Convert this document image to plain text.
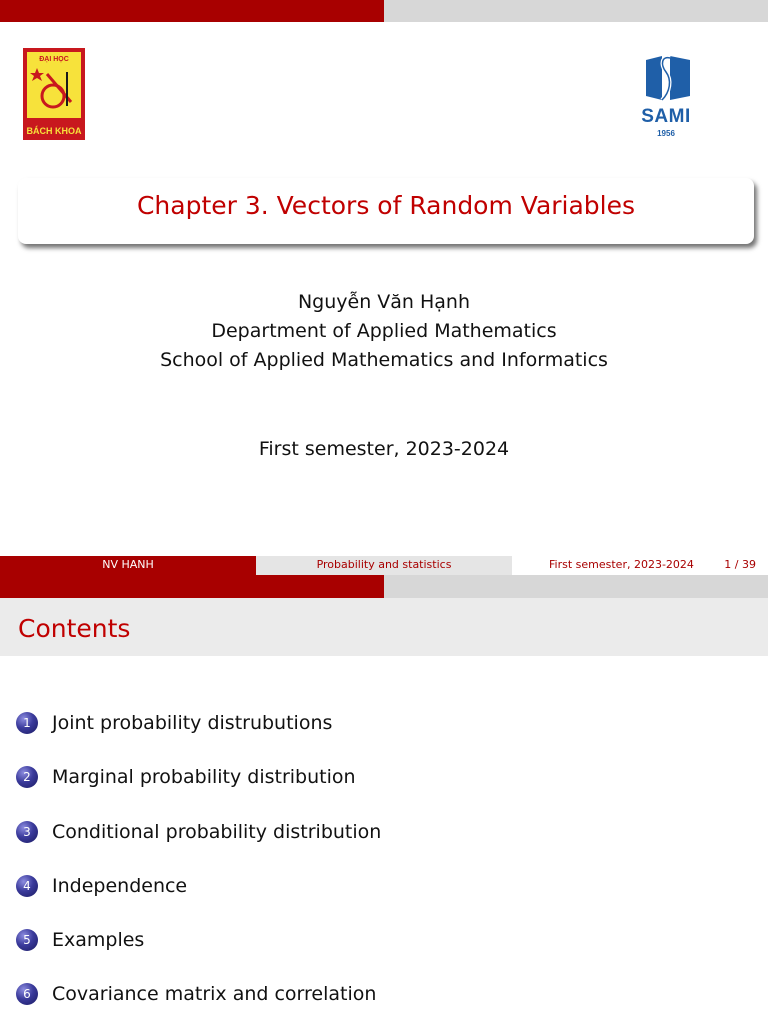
ĐẠI HỌC
BÁCH KHOA
SAMI
1956
Chapter 3. Vectors of Random Variables
Nguyễn Văn Hạnh
Department of Applied Mathematics
School of Applied Mathematics and Informatics
First semester, 2023-2024
NV HANH	Probability and statistics	First semester, 2023-2024	1 / 39
Contents
1	Joint probability distrubutions
2	Marginal probability distribution
3	Conditional probability distribution
4	Independence
5	Examples
6	Covariance matrix and correlation
